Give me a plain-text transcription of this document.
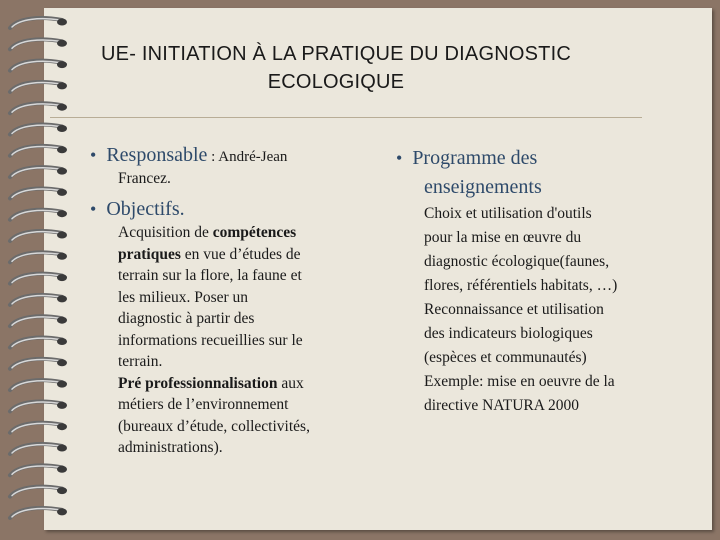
UE- INITIATION À LA PRATIQUE DU DIAGNOSTIC
ECOLOGIQUE
• Responsable : André-Jean
Francez.
• Objectifs.
Acquisition de compétences
pratiques en vue d’études de
terrain sur la flore, la faune et
les milieux. Poser un
diagnostic à partir des
informations recueillies sur le
terrain.
Pré professionnalisation aux
métiers de l’environnement
(bureaux d’étude, collectivités,
administrations).
• Programme des
enseignements
Choix et utilisation d'outils
pour la mise en œuvre du
diagnostic écologique(faunes,
flores, référentiels habitats, …)
Reconnaissance et utilisation
des indicateurs biologiques
(espèces et communautés)
Exemple: mise en oeuvre de la
directive NATURA 2000
